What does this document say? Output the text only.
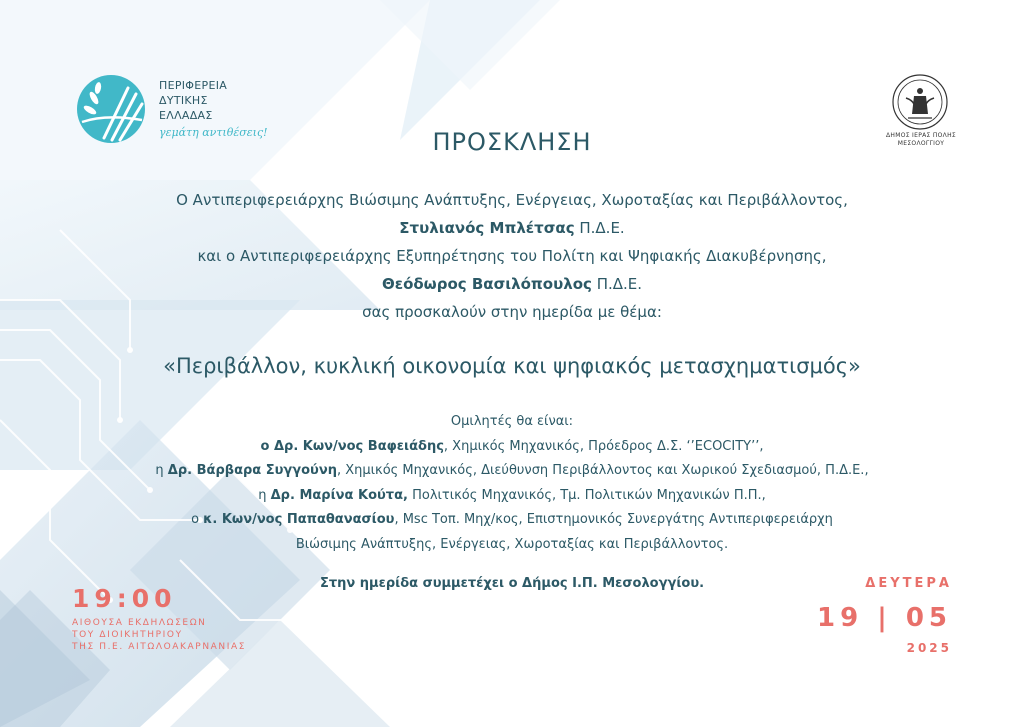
ΠΕΡΙΦΕΡΕΙΑ
ΔΥΤΙΚΗΣ
ΕΛΛΑΔΑΣ
γεμάτη αντιθέσεις!	ΔΗΜΟΣ ΙΕΡΑΣ ΠΟΛΗΣ
ΜΕΣΟΛΟΓΓΙΟΥ
ΠΡΟΣΚΛΗΣΗ
Ο Αντιπεριφερειάρχης Βιώσιμης Ανάπτυξης, Ενέργειας, Χωροταξίας και Περιβάλλοντος,
Στυλιανός Μπλέτσας Π.Δ.Ε.
και ο Αντιπεριφερειάρχης Εξυπηρέτησης του Πολίτη και Ψηφιακής Διακυβέρνησης,
Θεόδωρος Βασιλόπουλος Π.Δ.Ε.
σας προσκαλούν στην ημερίδα με θέμα:
«Περιβάλλον, κυκλική οικονομία και ψηφιακός μετασχηματισμός»
Ομιλητές θα είναι:
ο Δρ. Κων/νος Βαφειάδης, Χημικός Μηχανικός, Πρόεδρος Δ.Σ. ‘’ECOCITY’’,
η Δρ. Βάρβαρα Συγγούνη, Χημικός Μηχανικός, Διεύθυνση Περιβάλλοντος και Χωρικού Σχεδιασμού, Π.Δ.Ε.,
η Δρ. Μαρίνα Κούτα, Πολιτικός Μηχανικός, Τμ. Πολιτικών Μηχανικών Π.Π.,
ο κ. Κων/νος Παπαθανασίου, Msc Τοπ. Μηχ/κος, Επιστημονικός Συνεργάτης Αντιπεριφερειάρχη
Βιώσιμης Ανάπτυξης, Ενέργειας, Χωροταξίας και Περιβάλλοντος.
Στην ημερίδα συμμετέχει ο Δήμος Ι.Π. Μεσολογγίου.
19:00
ΑΙΘΟΥΣΑ ΕΚΔΗΛΩΣΕΩΝ
ΤΟΥ ΔΙΟΙΚΗΤΗΡΙΟΥ
ΤΗΣ Π.Ε. ΑΙΤΩΛΟΑΚΑΡΝΑΝΙΑΣ
ΔΕΥΤΕΡΑ
19 | 05
2025
